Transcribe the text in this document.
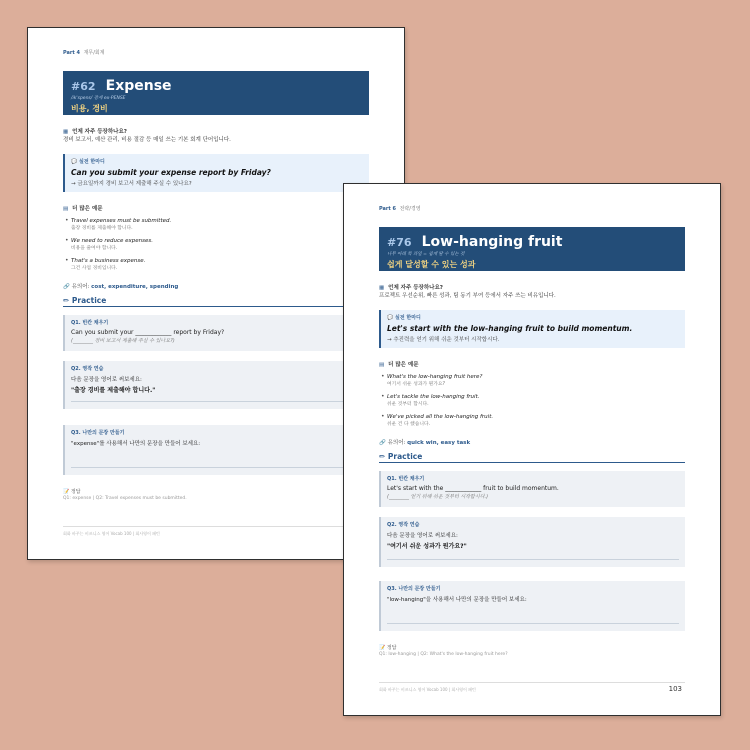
Part 4 재무/회계
#62 Expense
/ik'spens/ 강세 ex-PENSE
비용, 경비
▦ 언제 자주 등장하나요?
경비 보고서, 예산 관리, 비용 절감 등 매일 쓰는 기본 회계 단어입니다.
💬 실전 한마디
Can you submit your expense report by Friday?
→ 금요일까지 경비 보고서 제출해 주실 수 있나요?
▤ 더 많은 예문
• Travel expenses must be submitted.
출장 경비를 제출해야 합니다.
• We need to reduce expenses.
비용을 줄여야 합니다.
• That's a business expense.
그건 사업 경비입니다.
🔗 유의어: cost, expenditure, spending
✏ Practice
Q1. 빈칸 채우기
Can you submit your ____________ report by Friday?
(________ 경비 보고서 제출해 주실 수 있나요?)
Q2. 영작 연습
다음 문장을 영어로 써보세요:
"출장 경비를 제출해야 합니다."
Q3. 나만의 문장 만들기
"expense"를 사용해서 나만의 문장을 만들어 보세요:
📝 정답
Q1: expense | Q2: Travel expenses must be submitted.
회화 바꾸는 비즈니스 영어 Vocab 100 | 회사영어 패턴
Part 6 전략/경영
#76 Low-hanging fruit
나무 아래 쪽 과일 = 쉽게 딸 수 있는 것
쉽게 달성할 수 있는 성과
▦ 언제 자주 등장하나요?
프로젝트 우선순위, 빠른 성과, 팀 동기 부여 등에서 자주 쓰는 비유입니다.
💬 실전 한마디
Let's start with the low-hanging fruit to build momentum.
→ 추진력을 얻기 위해 쉬운 것부터 시작합시다.
▤ 더 많은 예문
• What's the low-hanging fruit here?
여기서 쉬운 성과가 뭔가요?
• Let's tackle the low-hanging fruit.
쉬운 것부터 합시다.
• We've picked all the low-hanging fruit.
쉬운 건 다 했습니다.
🔗 유의어: quick win, easy task
✏ Practice
Q1. 빈칸 채우기
Let's start with the ____________ fruit to build momentum.
(________ 얻기 위해 쉬운 것부터 시작합시다.)
Q2. 영작 연습
다음 문장을 영어로 써보세요:
"여기서 쉬운 성과가 뭔가요?"
Q3. 나만의 문장 만들기
"low-hanging"을 사용해서 나만의 문장을 만들어 보세요:
📝 정답
Q1: low-hanging | Q2: What's the low-hanging fruit here?
회화 바꾸는 비즈니스 영어 Vocab 100 | 회사영어 패턴	103
